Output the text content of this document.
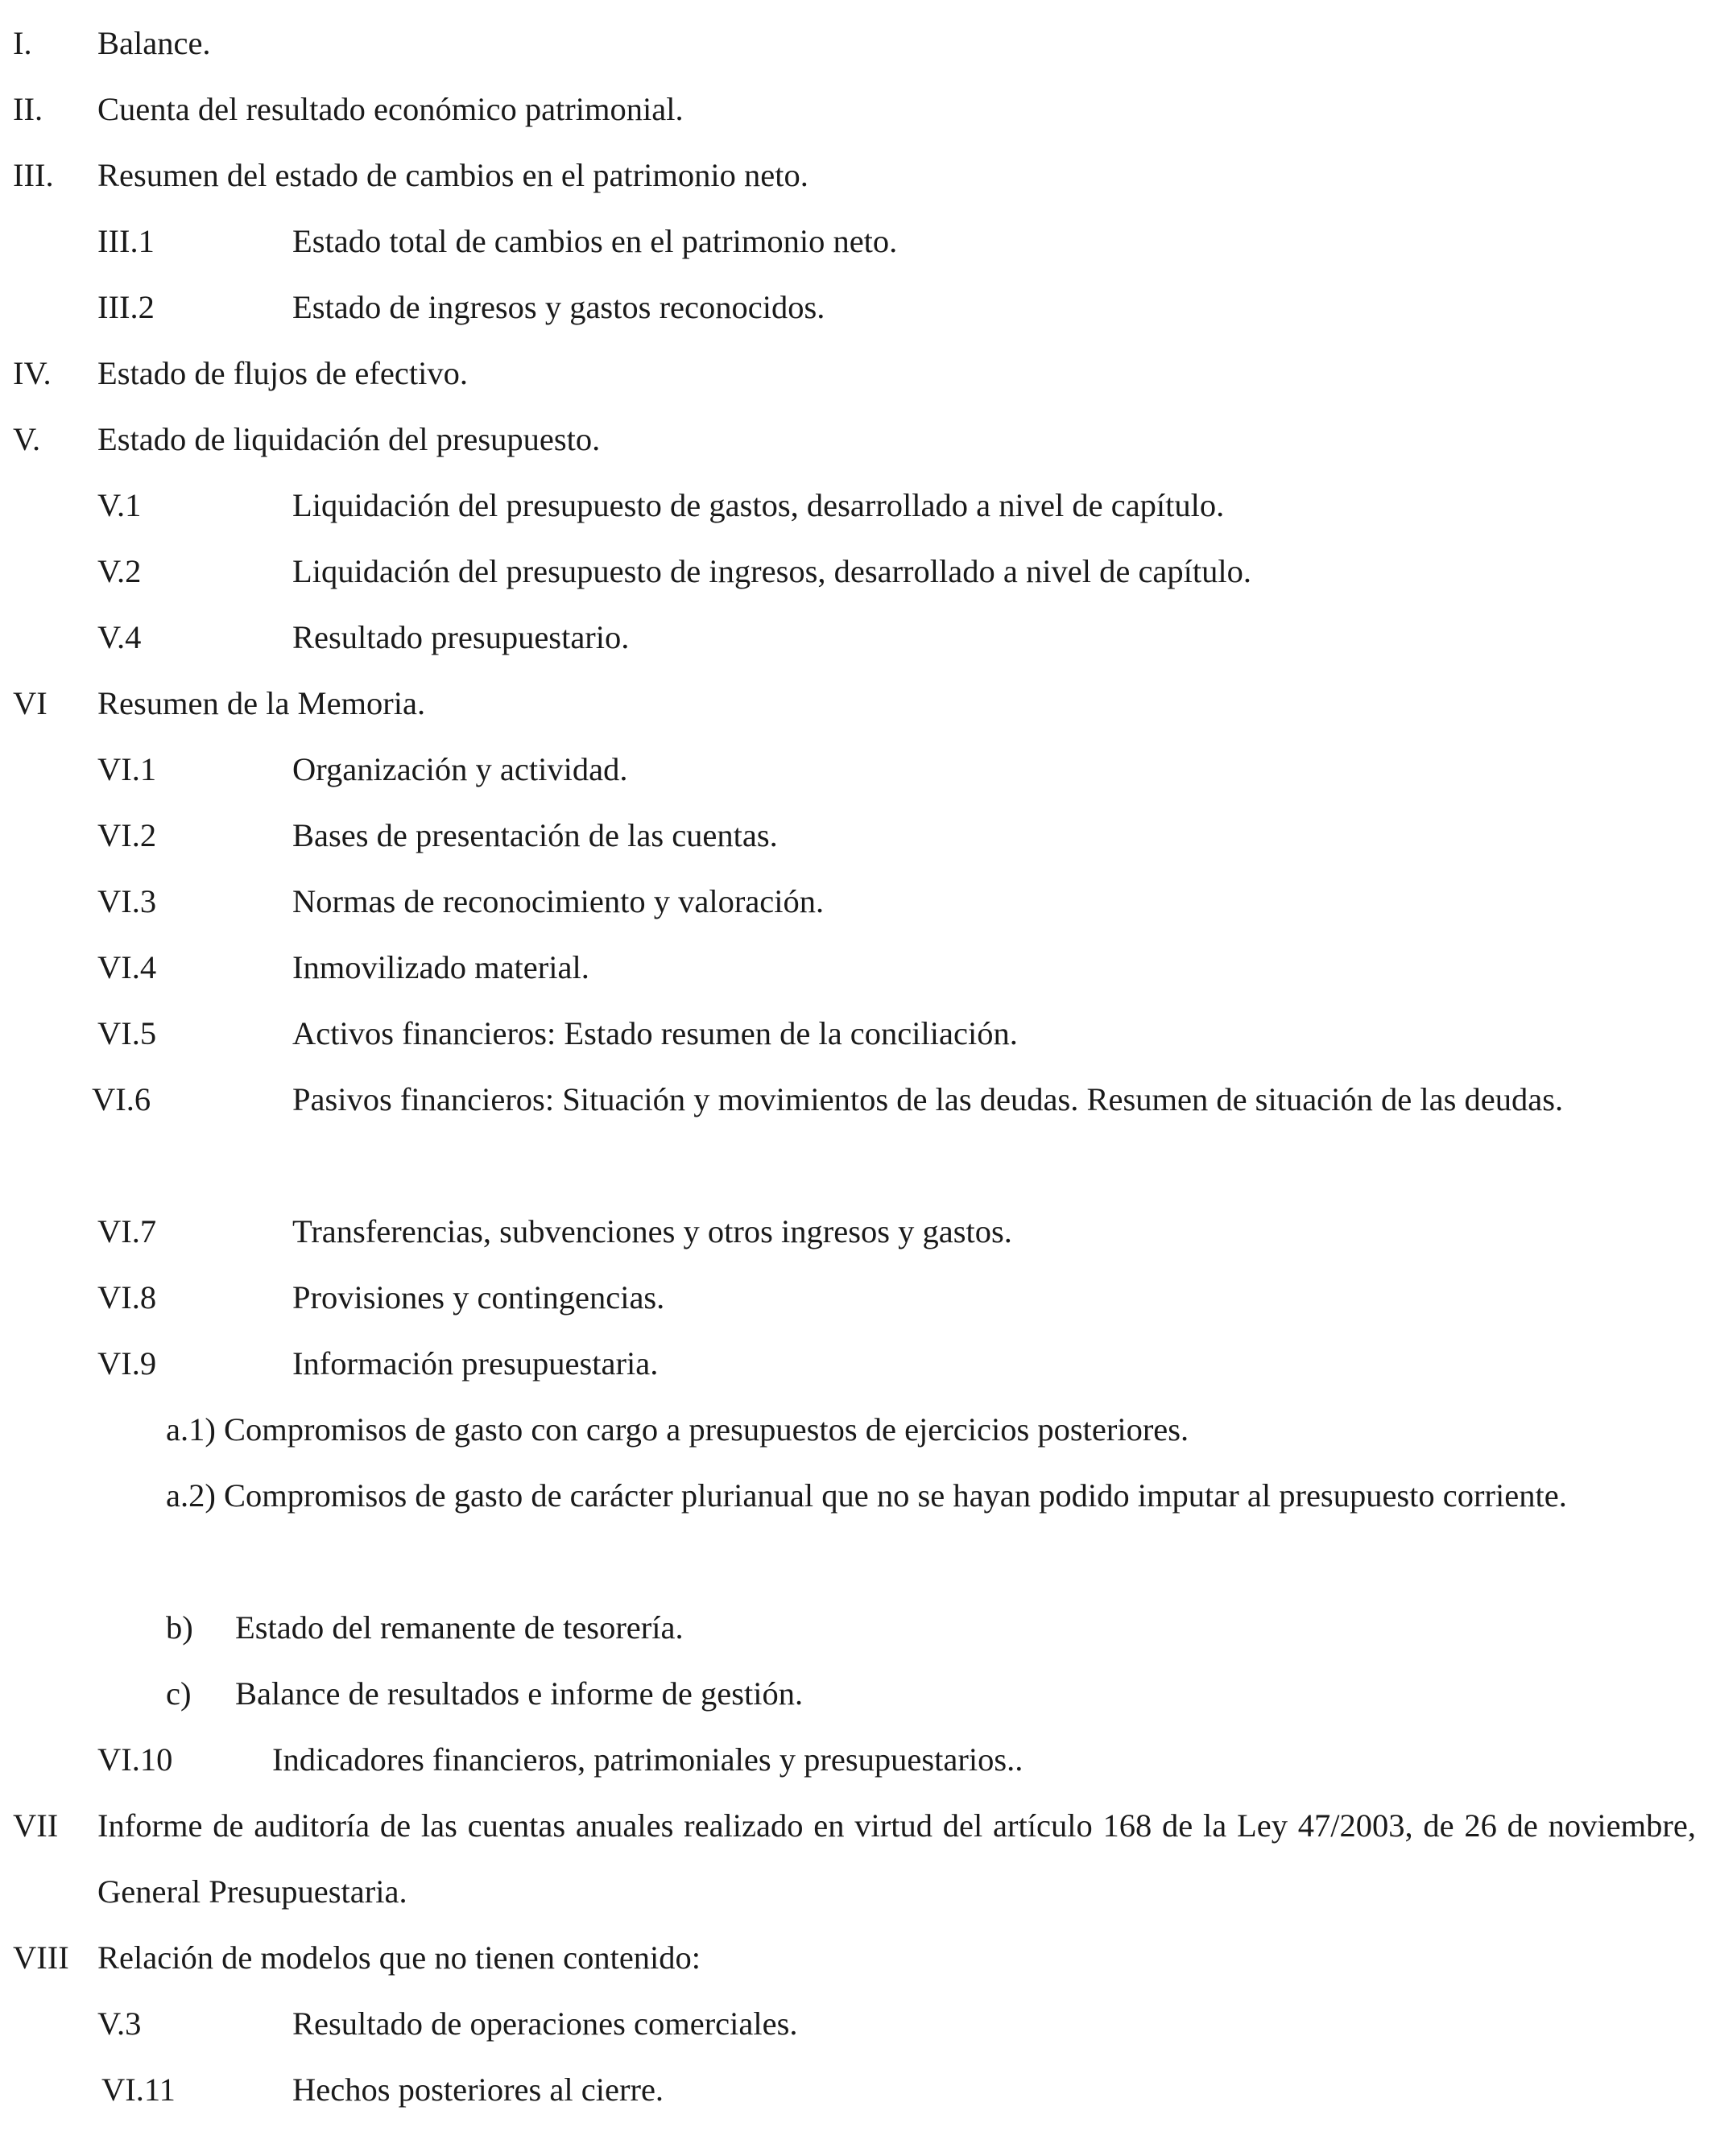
I. Balance.
II. Cuenta del resultado económico patrimonial.
III. Resumen del estado de cambios en el patrimonio neto.
III.1	Estado total de cambios en el patrimonio neto.
III.2	Estado de ingresos y gastos reconocidos.
IV. Estado de flujos de efectivo.
V. Estado de liquidación del presupuesto.
V.1	Liquidación del presupuesto de gastos, desarrollado a nivel de capítulo.
V.2	Liquidación del presupuesto de ingresos, desarrollado a nivel de capítulo.
V.4	Resultado presupuestario.
VI Resumen de la Memoria.
VI.1	Organización y actividad.
VI.2	Bases de presentación de las cuentas.
VI.3	Normas de reconocimiento y valoración.
VI.4	Inmovilizado material.
VI.5	Activos financieros: Estado resumen de la conciliación.
VI.6	Pasivos financieros: Situación y movimientos de las deudas. Resumen de situación de las deudas.
VI.7	Transferencias, subvenciones y otros ingresos y gastos.
VI.8	Provisiones y contingencias.
VI.9	Información presupuestaria.
a.1) Compromisos de gasto con cargo a presupuestos de ejercicios posteriores.
a.2) Compromisos de gasto de carácter plurianual que no se hayan podido imputar al presupuesto corriente.
b) Estado del remanente de tesorería.
c) Balance de resultados e informe de gestión.
VI.10	Indicadores financieros, patrimoniales y presupuestarios..
VII Informe de auditoría de las cuentas anuales realizado en virtud del artículo 168 de la Ley 47/2003, de 26 de noviembre, General Presupuestaria.
VIII Relación de modelos que no tienen contenido:
V.3	Resultado de operaciones comerciales.
VI.11	Hechos posteriores al cierre.
